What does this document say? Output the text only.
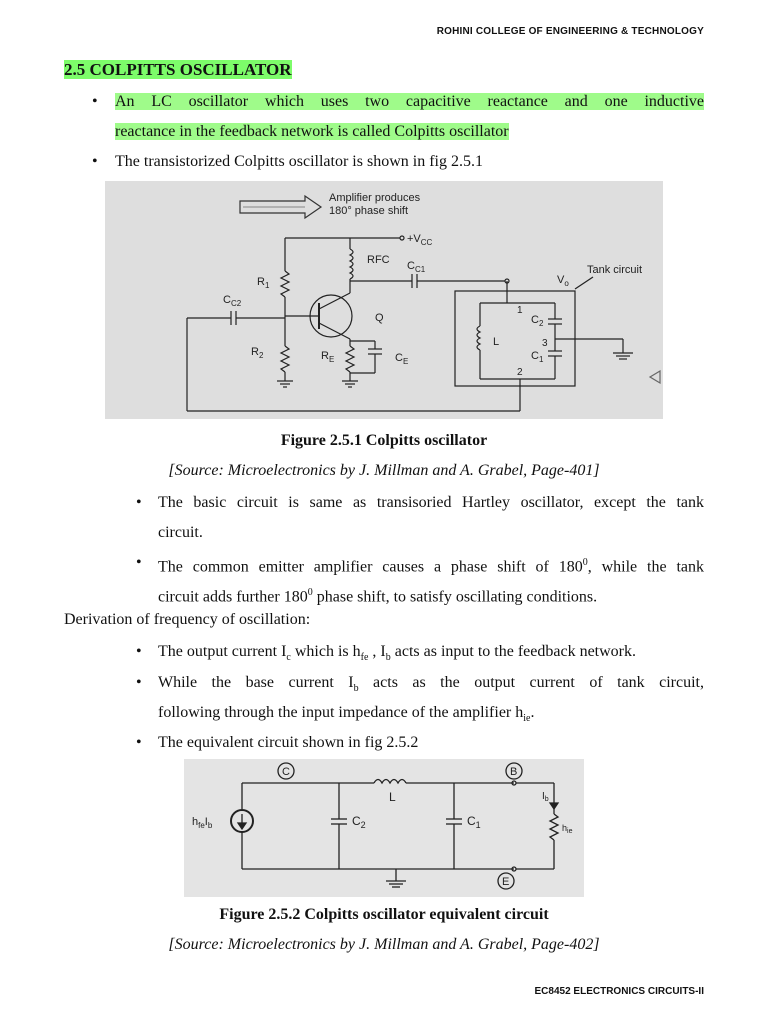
ROHINI COLLEGE OF ENGINEERING & TECHNOLOGY
2.5 COLPITTS OSCILLATOR
• An LC oscillator which uses two capacitive reactance and one inductive
reactance in the feedback network is called Colpitts oscillator
• The transistorized Colpitts oscillator is shown in fig 2.5.1
Amplifier produces
180° phase shift
$+V_{CC}$
RFC $C_{C1}$
$V_o$
Tank circuit
$R_1$
$C_{C2}$
Q
$R_2$	$R_E$	$C_E$
L
1
3
2
$C_2$
$C_1$
Figure 2.5.1 Colpitts oscillator
[Source: Microelectronics by J. Millman and A. Grabel, Page-401]
• The basic circuit is same as transisoried Hartley oscillator, except the tank
circuit.
• The common emitter amplifier causes a phase shift of $180^0$, while the tank
circuit adds further $180^0$ phase shift, to satisfy oscillating conditions.
Derivation of frequency of oscillation:
• The output current $I_c$ which is $h_{fe}$ , $I_b$ acts as input to the feedback network.
• While the base current $I_b$ acts as the output current of tank circuit,
following through the input impedance of the amplifier $h_{ie}$.
• The equivalent circuit shown in fig 2.5.2
L
C	B
$h_{fe}I_b$	$C_2$	$C_1$
$I_b$
$h_{ie}$
E
Figure 2.5.2 Colpitts oscillator equivalent circuit
[Source: Microelectronics by J. Millman and A. Grabel, Page-402]
EC8452 ELECTRONICS CIRCUITS-II
